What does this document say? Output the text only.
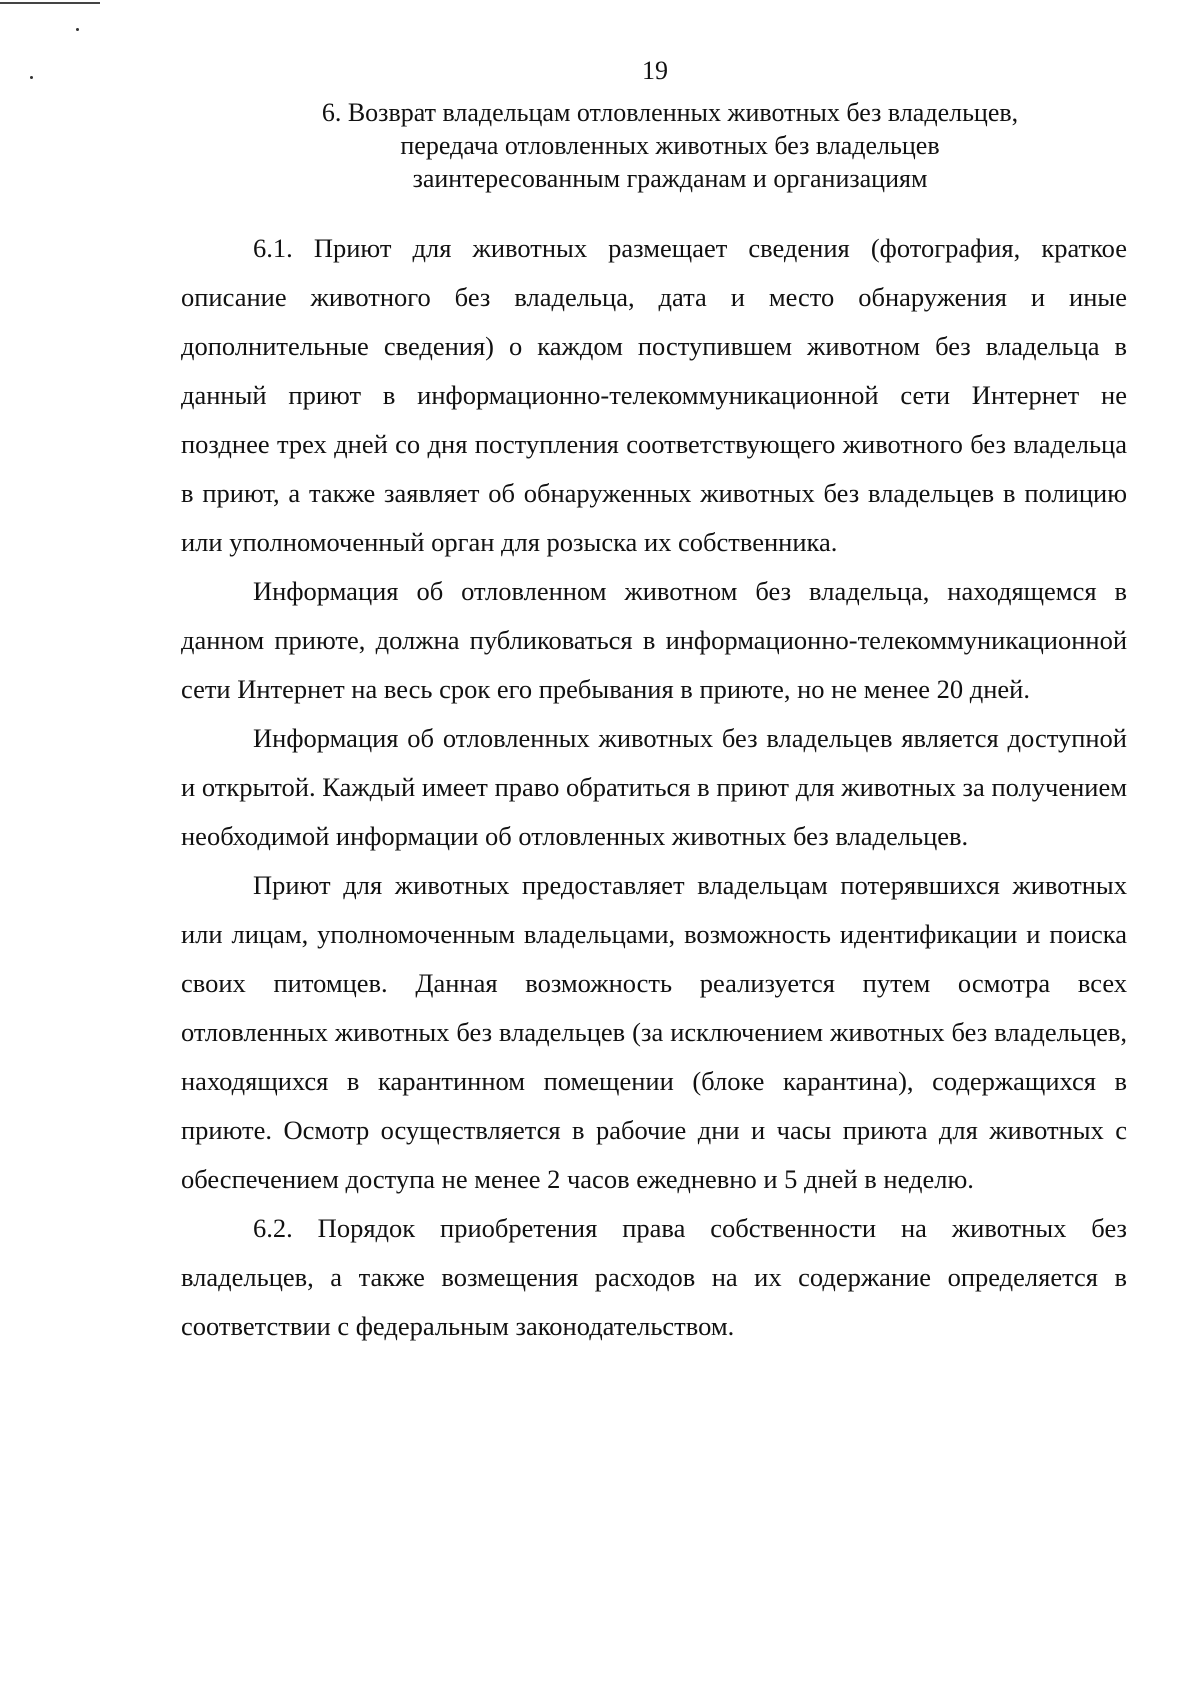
19
6. Возврат владельцам отловленных животных без владельцев,
передача отловленных животных без владельцев
заинтересованным гражданам и организациям

6.1. Приют для животных размещает сведения (фотография, краткое описание животного без владельца, дата и место обнаружения и иные дополнительные сведения) о каждом поступившем животном без владельца в данный приют в информационно-телекоммуникационной сети Интернет не позднее трех дней со дня поступления соответствующего животного без владельца в приют, а также заявляет об обнаруженных животных без владельцев в полицию или уполномоченный орган для розыска их собственника.

Информация об отловленном животном без владельца, находящемся в данном приюте, должна публиковаться в информационно-телекоммуникационной сети Интернет на весь срок его пребывания в приюте, но не менее 20 дней.

Информация об отловленных животных без владельцев является доступной и открытой. Каждый имеет право обратиться в приют для животных за получением необходимой информации об отловленных животных без владельцев.

Приют для животных предоставляет владельцам потерявшихся животных или лицам, уполномоченным владельцами, возможность идентификации и поиска своих питомцев. Данная возможность реализуется путем осмотра всех отловленных животных без владельцев (за исключением животных без владельцев, находящихся в карантинном помещении (блоке карантина), содержащихся в приюте. Осмотр осуществляется в рабочие дни и часы приюта для животных с обеспечением доступа не менее 2 часов ежедневно и 5 дней в неделю.

6.2. Порядок приобретения права собственности на животных без владельцев, а также возмещения расходов на их содержание определяется в соответствии с федеральным законодательством.
